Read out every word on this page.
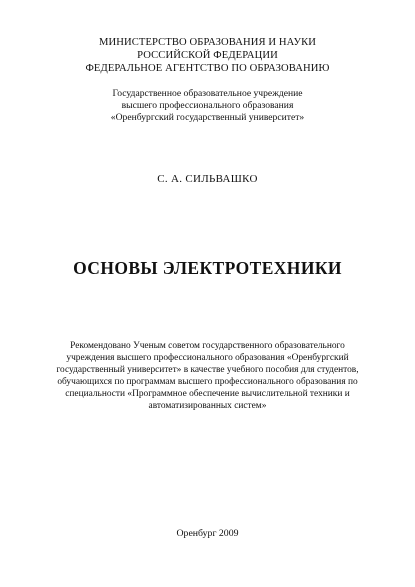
МИНИСТЕРСТВО ОБРАЗОВАНИЯ И НАУКИ
РОССИЙСКОЙ ФЕДЕРАЦИИ
ФЕДЕРАЛЬНОЕ АГЕНТСТВО ПО ОБРАЗОВАНИЮ
Государственное образовательное учреждение
высшего профессионального образования
«Оренбургский государственный университет»
С. А. СИЛЬВАШКО
ОСНОВЫ ЭЛЕКТРОТЕХНИКИ
Рекомендовано Ученым советом государственного образовательного
учреждения высшего профессионального образования «Оренбургский
государственный университет» в качестве учебного пособия для студентов,
обучающихся по программам высшего профессионального образования по
специальности «Программное обеспечение вычислительной техники и
автоматизированных систем»
Оренбург 2009
